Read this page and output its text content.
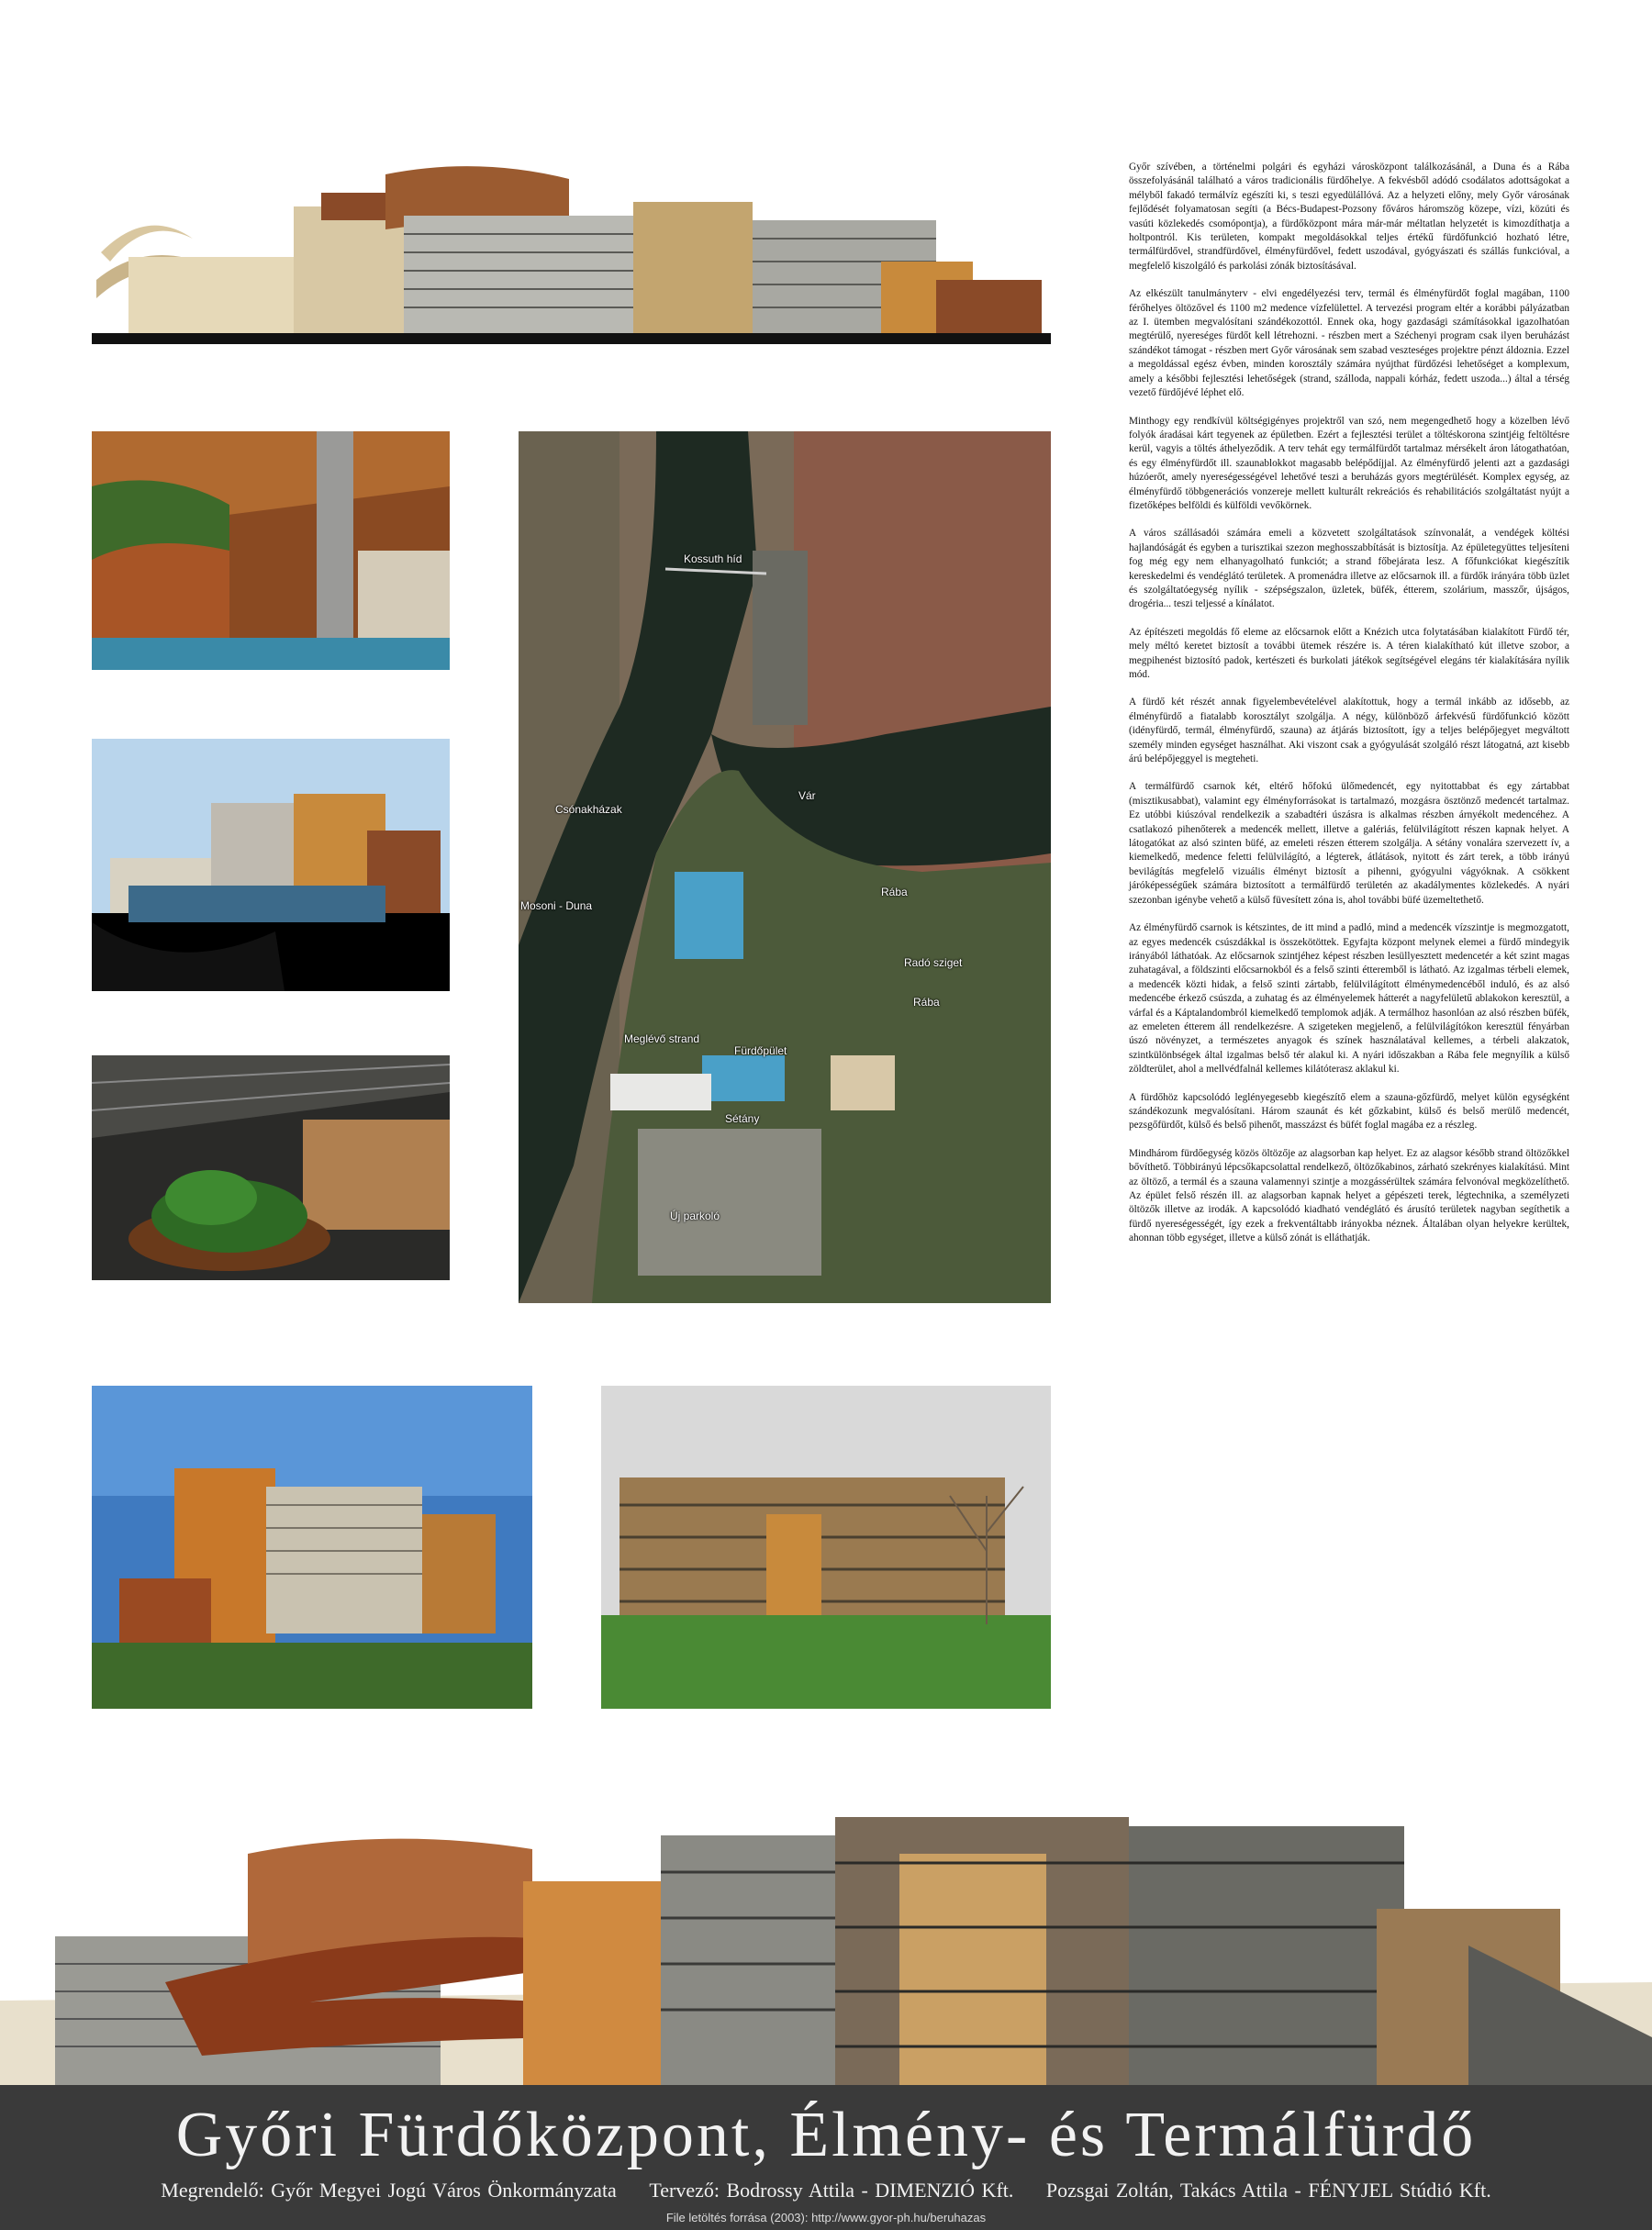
Kossuth híd
Csónakházak
Mosoni - Duna
Vár
Rába
Radó sziget
Rába
Meglévő strand
Fürdőpület
Sétány
Új parkoló

Győr szívében, a történelmi polgári és egyházi városközpont találkozásánál, a Duna és a Rába összefolyásánál található a város tradicionális fürdőhelye. A fekvésből adódó csodálatos adottságokat a mélyből fakadó termálvíz egészíti ki, s teszi egyedülállóvá. Az a helyzeti előny, mely Győr városának fejlődését folyamatosan segíti (a Bécs-Budapest-Pozsony főváros háromszög közepe, vízi, közúti és vasúti közlekedés csomópontja), a fürdőközpont mára már-már méltatlan helyzetét is kimozdíthatja a holtpontról. Kis területen, kompakt megoldásokkal teljes értékű fürdőfunkció hozható létre, termálfürdővel, strandfürdővel, élményfürdővel, fedett uszodával, gyógyászati és szállás funkcióval, a megfelelő kiszolgáló és parkolási zónák biztosításával.

Az elkészült tanulmányterv - elvi engedélyezési terv, termál és élményfürdőt foglal magában, 1100 férőhelyes öltözővel és 1100 m2 medence vízfelülettel. A tervezési program eltér a korábbi pályázatban az I. ütemben megvalósítani szándékozottól. Ennek oka, hogy gazdasági számításokkal igazolhatóan megtérülő, nyereséges fürdőt kell létrehozni. - részben mert a Széchenyi program csak ilyen beruházást szándékot támogat - részben mert Győr városának sem szabad veszteséges projektre pénzt áldoznia. Ezzel a megoldással egész évben, minden korosztály számára nyújthat fürdőzési lehetőséget a komplexum, amely a későbbi fejlesztési lehetőségek (strand, szálloda, nappali kórház, fedett uszoda...) által a térség vezető fürdőjévé léphet elő.

Minthogy egy rendkívül költségigényes projektről van szó, nem megengedhető hogy a közelben lévő folyók áradásai kárt tegyenek az épületben. Ezért a fejlesztési terület a töltéskorona szintjéig feltöltésre kerül, vagyis a töltés áthelyeződik. A terv tehát egy termálfürdőt tartalmaz mérsékelt áron látogathatóan, és egy élményfürdőt ill. szaunablokkot magasabb belépődíjjal. Az élményfürdő jelenti azt a gazdasági húzóerőt, amely nyereségességével lehetővé teszi a beruházás gyors megtérülését. Komplex egység, az élményfürdő többgenerációs vonzereje mellett kulturált rekreációs és rehabilitációs szolgáltatást nyújt a fizetőképes belföldi és külföldi vevőkörnek.

A város szállásadói számára emeli a közvetett szolgáltatások színvonalát, a vendégek költési hajlandóságát és egyben a turisztikai szezon meghosszabbítását is biztosítja. Az épületegyüttes teljesíteni fog még egy nem elhanyagolható funkciót; a strand főbejárata lesz. A főfunkciókat kiegészítik kereskedelmi és vendéglátó területek. A promenádra illetve az előcsarnok ill. a fürdők irányára több üzlet és szolgáltatóegység nyílik - szépségszalon, üzletek, büfék, étterem, szolárium, masszőr, újságos, drogéria... teszi teljessé a kínálatot.

Az építészeti megoldás fő eleme az előcsarnok előtt a Knézich utca folytatásában kialakított Fürdő tér, mely méltó keretet biztosít a további ütemek részére is. A téren kialakítható kút illetve szobor, a megpihenést biztosító padok, kertészeti és burkolati játékok segítségével elegáns tér kialakítására nyílik mód.

A fürdő két részét annak figyelembevételével alakítottuk, hogy a termál inkább az idősebb, az élményfürdő a fiatalabb korosztályt szolgálja. A négy, különböző árfekvésű fürdőfunkció között (idényfürdő, termál, élményfürdő, szauna) az átjárás biztosított, így a teljes belépőjegyet megváltott személy minden egységet használhat. Aki viszont csak a gyógyulását szolgáló részt látogatná, azt kisebb árú belépőjeggyel is megteheti.

A termálfürdő csarnok két, eltérő hőfokú ülőmedencét, egy nyitottabbat és egy zártabbat (misztikusabbat), valamint egy élményforrásokat is tartalmazó, mozgásra ösztönző medencét tartalmaz. Ez utóbbi kiúszóval rendelkezik a szabadtéri úszásra is alkalmas részben árnyékolt medencéhez. A csatlakozó pihenőterek a medencék mellett, illetve a galériás, felülvilágított részen kapnak helyet. A látogatókat az alsó szinten büfé, az emeleti részen étterem szolgálja. A sétány vonalára szervezett ív, a kiemelkedő, medence feletti felülvilágító, a légterek, átlátások, nyitott és zárt terek, a több irányú bevilágítás megfelelő vizuális élményt biztosít a pihenni, gyógyulni vágyóknak. A csökkent járóképességűek számára biztosított a termálfürdő területén az akadálymentes közlekedés. A nyári szezonban igénybe vehető a külső füvesített zóna is, ahol további büfé üzemeltethető.

Az élményfürdő csarnok is kétszintes, de itt mind a padló, mind a medencék vízszintje is megmozgatott, az egyes medencék csúszdákkal is összekötöttek. Egyfajta központ melynek elemei a fürdő mindegyik irányából láthatóak. Az előcsarnok szintjéhez képest részben lesüllyesztett medencetér a két szint magas zuhatagával, a földszinti előcsarnokból és a felső szinti étteremből is látható. Az izgalmas térbeli elemek, a medencék közti hidak, a felső szinti zártabb, felülvilágított élménymedencéből induló, és az alsó medencébe érkező csúszda, a zuhatag és az élményelemek hátterét a nagyfelületű ablakokon keresztül, a várfal és a Káptalandombról kiemelkedő templomok adják. A termálhoz hasonlóan az alsó részben büfék, az emeleten étterem áll rendelkezésre. A szigeteken megjelenő, a felülvilágítókon keresztül fényárban úszó növényzet, a természetes anyagok és színek használatával kellemes, a térbeli alakzatok, szintkülönbségek által izgalmas belső tér alakul ki. A nyári időszakban a Rába fele megnyílik a külső zöldterület, ahol a mellvédfalnál kellemes kilátóterasz aklakul ki.

A fürdőhöz kapcsolódó leglényegesebb kiegészítő elem a szauna-gőzfürdő, melyet külön egységként szándékozunk megvalósítani. Három szaunát és két gőzkabint, külső és belső merülő medencét, pezsgőfürdőt, külső és belső pihenőt, masszázst és büfét foglal magába ez a részleg.

Mindhárom fürdőegység közös öltözője az alagsorban kap helyet. Ez az alagsor később strand öltözőkkel bővíthető. Többirányú lépcsőkapcsolattal rendelkező, öltözőkabinos, zárható szekrényes kialakítású. Mint az öltöző, a termál és a szauna valamennyi szintje a mozgássérültek számára felvonóval megközelíthető. Az épület felső részén ill. az alagsorban kapnak helyet a gépészeti terek, légtechnika, a személyzeti öltözők illetve az irodák. A kapcsolódó kiadható vendéglátó és árusító területek nagyban segíthetik a fürdő nyereségességét, így ezek a frekventáltabb irányokba néznek. Általában olyan helyekre kerültek, ahonnan több egységet, illetve a külső zónát is elláthatják.

Győri Fürdőközpont, Élmény- és Termálfürdő
Megrendelő: Győr Megyei Jogú Város Önkormányzata Tervező: Bodrossy Attila - DIMENZIÓ Kft. Pozsgai Zoltán, Takács Attila - FÉNYJEL Stúdió Kft.
File letöltés forrása (2003): http://www.gyor-ph.hu/beruhazas
